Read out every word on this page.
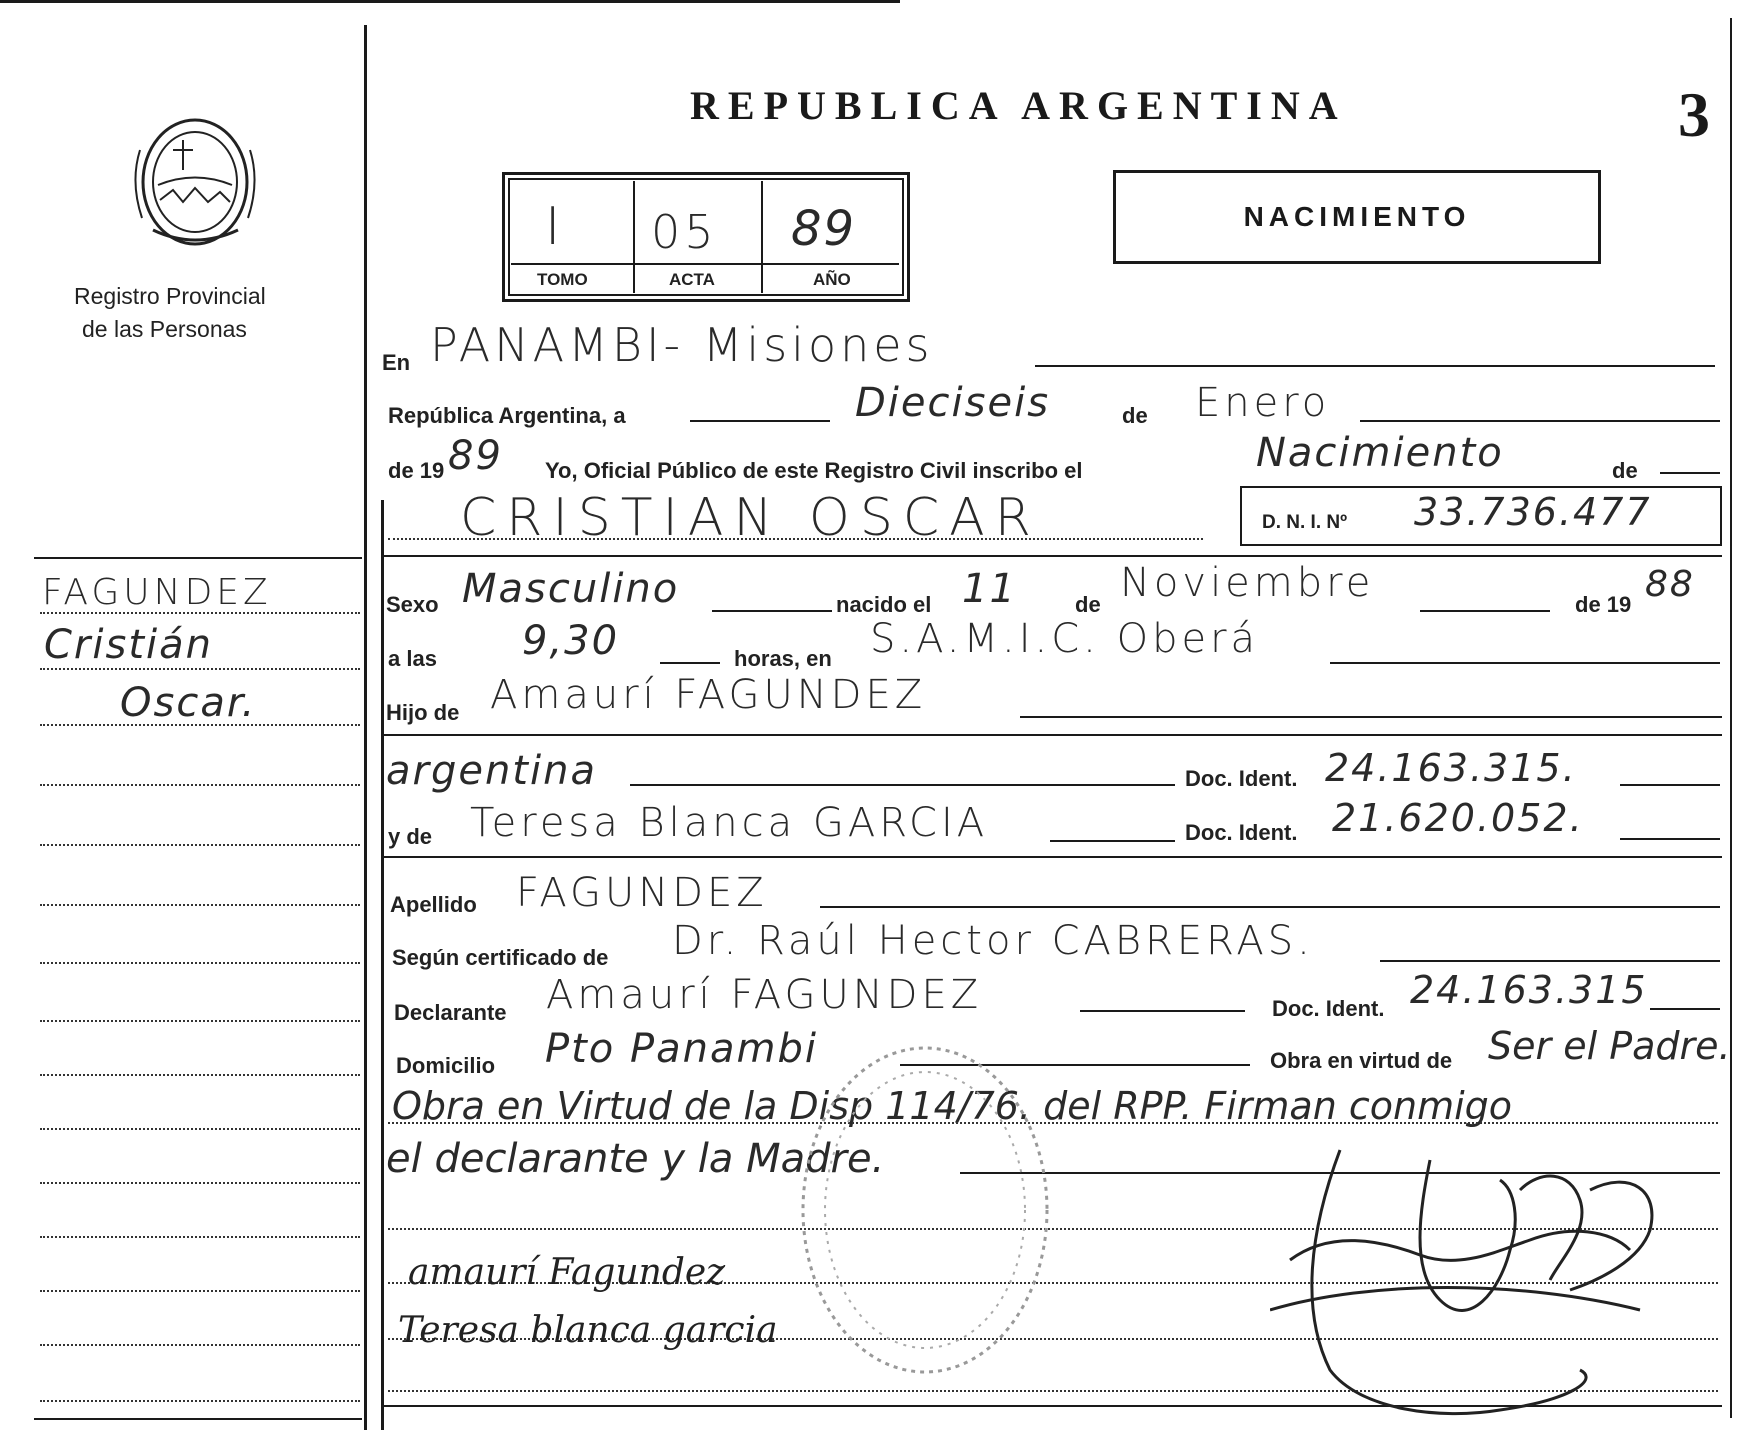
Registro Provincial
de las Personas
FAGUNDEZ
Cristián
Oscar.
REPUBLICA ARGENTINA	3
I 05 89
TOMO	ACTA	AÑO
NACIMIENTO
En PANAMBI- Misiones
República Argentina, a	Dieciseis	de Enero
de 19 89 Yo, Oficial Público de este Registro Civil inscribo el	Nacimiento	de
CRISTIAN OSCAR	D. N. I. Nº 33.736.477
Sexo Masculino	nacido el 11	de Noviembre	de 19 88
a las 9,30	horas, en S.A.M.I.C. Oberá
Hijo de Amaurí FAGUNDEZ
argentina	Doc. Ident. 24.163.315.
y de Teresa Blanca GARCIA	Doc. Ident. 21.620.052.
Apellido FAGUNDEZ
Según certificado de Dr. Raúl Hector CABRERAS.
Declarante Amaurí FAGUNDEZ	Doc. Ident. 24.163.315
Domicilio Pto Panambi	Obra en virtud de Ser el Padre.
Obra en Virtud de la Disp 114/76. del RPP. Firman conmigo
el declarante y la Madre.
amaurí Fagundez
Teresa blanca garcia
